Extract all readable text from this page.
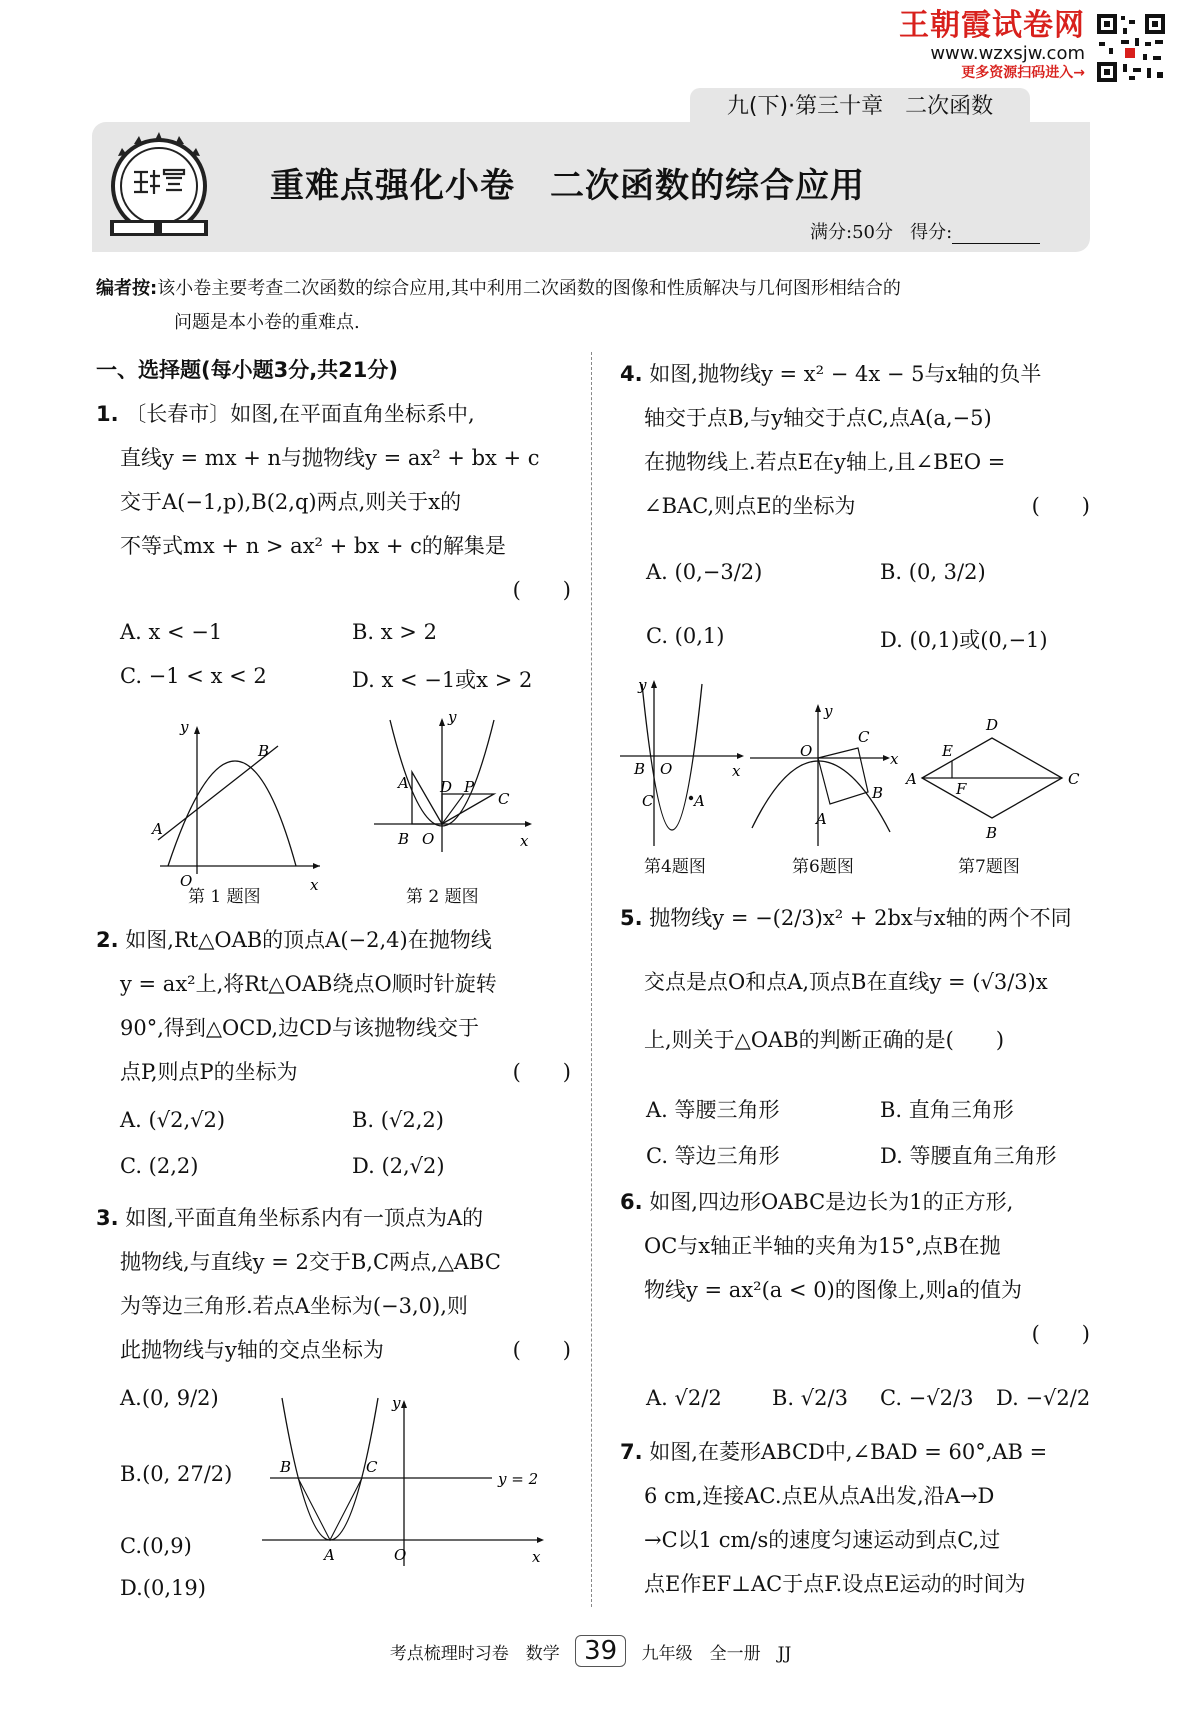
王朝霞试卷网
www.wzxsjw.com
更多资源扫码进入→
九(下)·第三十章　二次函数
重难点强化小卷　二次函数的综合应用
满分:50分 得分:
编者按:该小卷主要考查二次函数的综合应用,其中利用二次函数的图像和性质解决与几何图形相结合的
问题是本小卷的重难点.
一、选择题(每小题3分,共21分)
1. 〔长春市〕如图,在平面直角坐标系中,
直线y = mx + n与抛物线y = ax² + bx + c
交于A(−1,p),B(2,q)两点,则关于x的
不等式mx + n > ax² + bx + c的解集是
(　　)
A. x < −1	B. x > 2
C. −1 < x < 2	D. x < −1或x > 2
y
A
B
O	x
第 1 题图
y
A D P
C
B O	x
第 2 题图
2. 如图,Rt△OAB的顶点A(−2,4)在抛物线
y = ax²上,将Rt△OAB绕点O顺时针旋转
90°,得到△OCD,边CD与该抛物线交于
点P,则点P的坐标为	(　　)
A. (√2,√2)	B. (√2,2)
C. (2,2)	D. (2,√2)
3. 如图,平面直角坐标系内有一顶点为A的
抛物线,与直线y = 2交于B,C两点,△ABC
为等边三角形.若点A坐标为(−3,0),则
此抛物线与y轴的交点坐标为	(　　)
A.(0, 9/2)
B.(0, 27/2)
C.(0,9)
D.(0,19)
y
B	C
y = 2
A	O	x
4. 如图,抛物线y = x² − 4x − 5与x轴的负半
轴交于点B,与y轴交于点C,点A(a,−5)
在抛物线上.若点E在y轴上,且∠BEO =
∠BAC,则点E的坐标为	(　　)
A. (0,−3/2)	B. (0, 3/2)
C. (0,1)	D. (0,1)或(0,−1)
y
B O	x
C	A
第4题图
y
O
C
x
B
A
第6题图
D
E
A
F
C
B
第7题图
5. 抛物线y = −(2/3)x² + 2bx与x轴的两个不同
交点是点O和点A,顶点B在直线y = (√3/3)x
上,则关于△OAB的判断正确的是(　　)
A. 等腰三角形	B. 直角三角形
C. 等边三角形	D. 等腰直角三角形
6. 如图,四边形OABC是边长为1的正方形,
OC与x轴正半轴的夹角为15°,点B在抛
物线y = ax²(a < 0)的图像上,则a的值为
(　　)
A. √2/2 B. √2/3 C. −√2/3 D. −√2/2
7. 如图,在菱形ABCD中,∠BAD = 60°,AB =
6 cm,连接AC.点E从点A出发,沿A→D
→C以1 cm/s的速度匀速运动到点C,过
点E作EF⊥AC于点F.设点E运动的时间为
考点梳理时习卷　数学 39 九年级　全一册　JJ
